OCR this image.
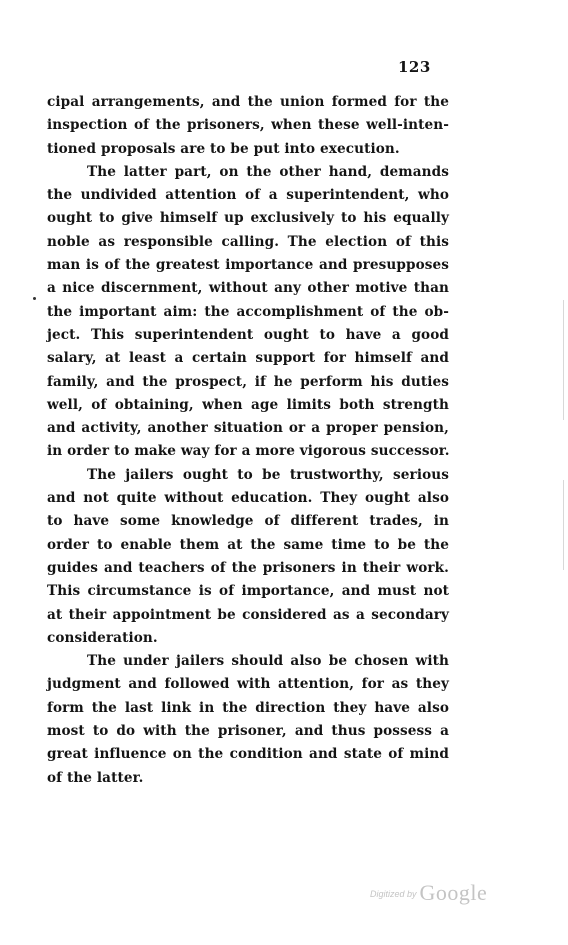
123
cipal arrangements, and the union formed for the
inspection of the prisoners, when these well-inten-
tioned proposals are to be put into execution.
The latter part, on the other hand, demands
the undivided attention of a superintendent, who
ought to give himself up exclusively to his equally
noble as responsible calling. The election of this
man is of the greatest importance and presupposes
a nice discernment, without any other motive than
the important aim: the accomplishment of the ob-
ject. This superintendent ought to have a good
salary, at least a certain support for himself and
family, and the prospect, if he perform his duties
well, of obtaining, when age limits both strength
and activity, another situation or a proper pension,
in order to make way for a more vigorous successor.
The jailers ought to be trustworthy, serious
and not quite without education. They ought also
to have some knowledge of different trades, in
order to enable them at the same time to be the
guides and teachers of the prisoners in their work.
This circumstance is of importance, and must not
at their appointment be considered as a secondary
consideration.
The under jailers should also be chosen with
judgment and followed with attention, for as they
form the last link in the direction they have also
most to do with the prisoner, and thus possess a
great influence on the condition and state of mind
of the latter.
Digitized by Google
